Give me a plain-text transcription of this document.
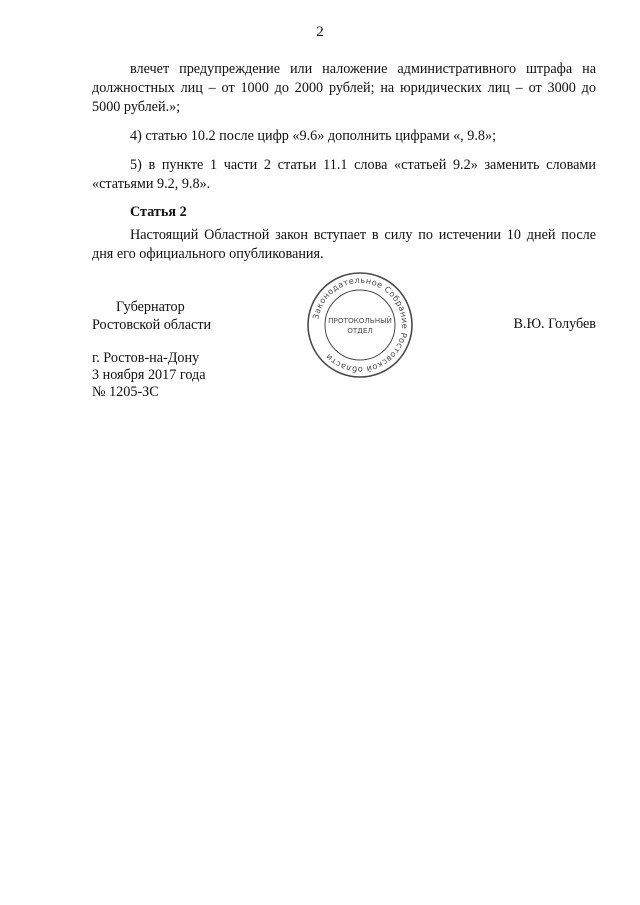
2

влечет предупреждение или наложение административного штрафа на должностных лиц – от 1000 до 2000 рублей; на юридических лиц – от 3000 до 5000 рублей.»;

4) статью 10.2 после цифр «9.6» дополнить цифрами «, 9.8»;

5) в пункте 1 части 2 статьи 11.1 слова «статьей 9.2» заменить словами «статьями 9.2, 9.8».

Статья 2

Настоящий Областной закон вступает в силу по истечении 10 дней после дня его официального опубликования.

Губернатор
Ростовской области	В.Ю. Голубев
Законодательное Собрание Ростовской области
ПРОТОКОЛЬНЫЙ
ОТДЕЛ
г. Ростов-на-Дону
3 ноября 2017 года
№ 1205-ЗС
